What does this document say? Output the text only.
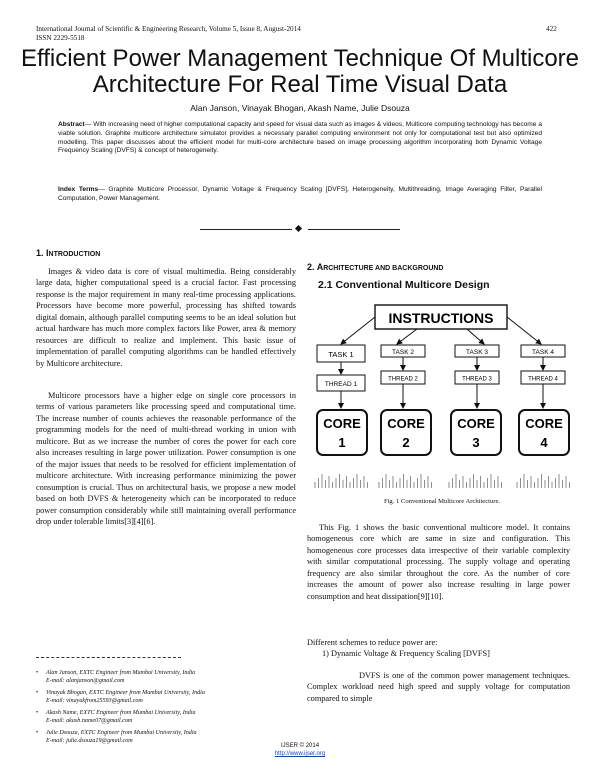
International Journal of Scientific & Engineering Research, Volume 5, Issue 8, August-2014
ISSN 2229-5518
422
Efficient Power Management Technique Of Multicore Architecture For Real Time Visual Data
Alan Janson, Vinayak Bhogan, Akash Name, Julie Dsouza
Abstract— With increasing need of higher computational capacity and speed for visual data such as images & videos, Multicore computing technology has become a viable solution. Graphite multicore architecture simulator provides a necessary parallel computing environment not only for computational test but also optimized modelling. This paper discusses about the efficient model for multi-core architecture based on image processing algorithm incorporating both Dynamic Voltage Frequency Scaling (DVFS) & concept of heterogeneity.
Index Terms— Graphite Multicore Processor, Dynamic Voltage & Frequency Scaling [DVFS], Heterogeneity, Multithreading, Image Averaging Filter, Parallel Computation, Power Management.
1. INTRODUCTION
Images & video data is core of visual multimedia. Being considerably large data, higher computational speed is a crucial factor. Fast processing response is the major requirement in many real-time processing applications. Processors have become more powerful, processing has shifted towards digital domain, although parallel computing seems to be an ideal solution but actual hardware has much more complex factors like Power, area & memory resources are difficult to realize and implement. This basic issue of implementation of parallel computing algorithms can be handled effectively by Multicore architecture.
Multicore processors have a higher edge on single core processors in terms of various parameters like processing speed and computational time. The increase number of counts achieves the reasonable performance of the programming models for the need of multi-thread working in union with multicore. But as we increase the number of cores the power for each core also increases resulting in large power utilization. Power consumption is one of the major issues that needs to be resolved for efficient implementation of multicore architecture. With increasing performance minimizing the power consumption is crucial. Thus on architectural basis, we propose a new model based on both DVFS & heterogeneity which can be incorporated to reduce power consumption considerably while still maintaining overall performance drop under tolerable limits[3][4][6].
• Alan Janson, EXTC Engineer from Mumbai University, India
E-mail: alanjanson@gmail.com
• Vinayak Bhogan, EXTC Engineer from Mumbai University, India
E-mail: vinayakfrom25593@gmail.com
• Akash Name, EXTC Engineer from Mumbai University, India
E-mail: akash.name07@gmail.com
• Julie Dsouza, EXTC Engineer from Mumbai University, India
E-mail: julie.dsouza19@gmail.com
2. ARCHITECTURE AND BACKGROUND
2.1 Conventional Multicore Design
INSTRUCTIONS
TASK 1	TASK 2	TASK 3	TASK 4
THREAD 1
THREAD 2	THREAD 3	THREAD 4
CORE
1
CORE
2
CORE
3
CORE
4
Fig. 1 Conventional Multicore Architecture.
This Fig. 1 shows the basic conventional multicore model. It contains homogeneous core which are same in size and configuration. This homogeneous core processes data irrespective of their variable complexity with similar computational processing. The supply voltage and operating frequency are also similar throughout the core. As the number of core increases the amount of power also increase resulting in large power consumption and heat dissipation[9][10].
Different schemes to reduce power are:
1) Dynamic Voltage & Frequency Scaling [DVFS]
DVFS is one of the common power management techniques. Complex workload need high speed and supply voltage for computation compared to simple
IJSER © 2014
http://www.ijser.org
